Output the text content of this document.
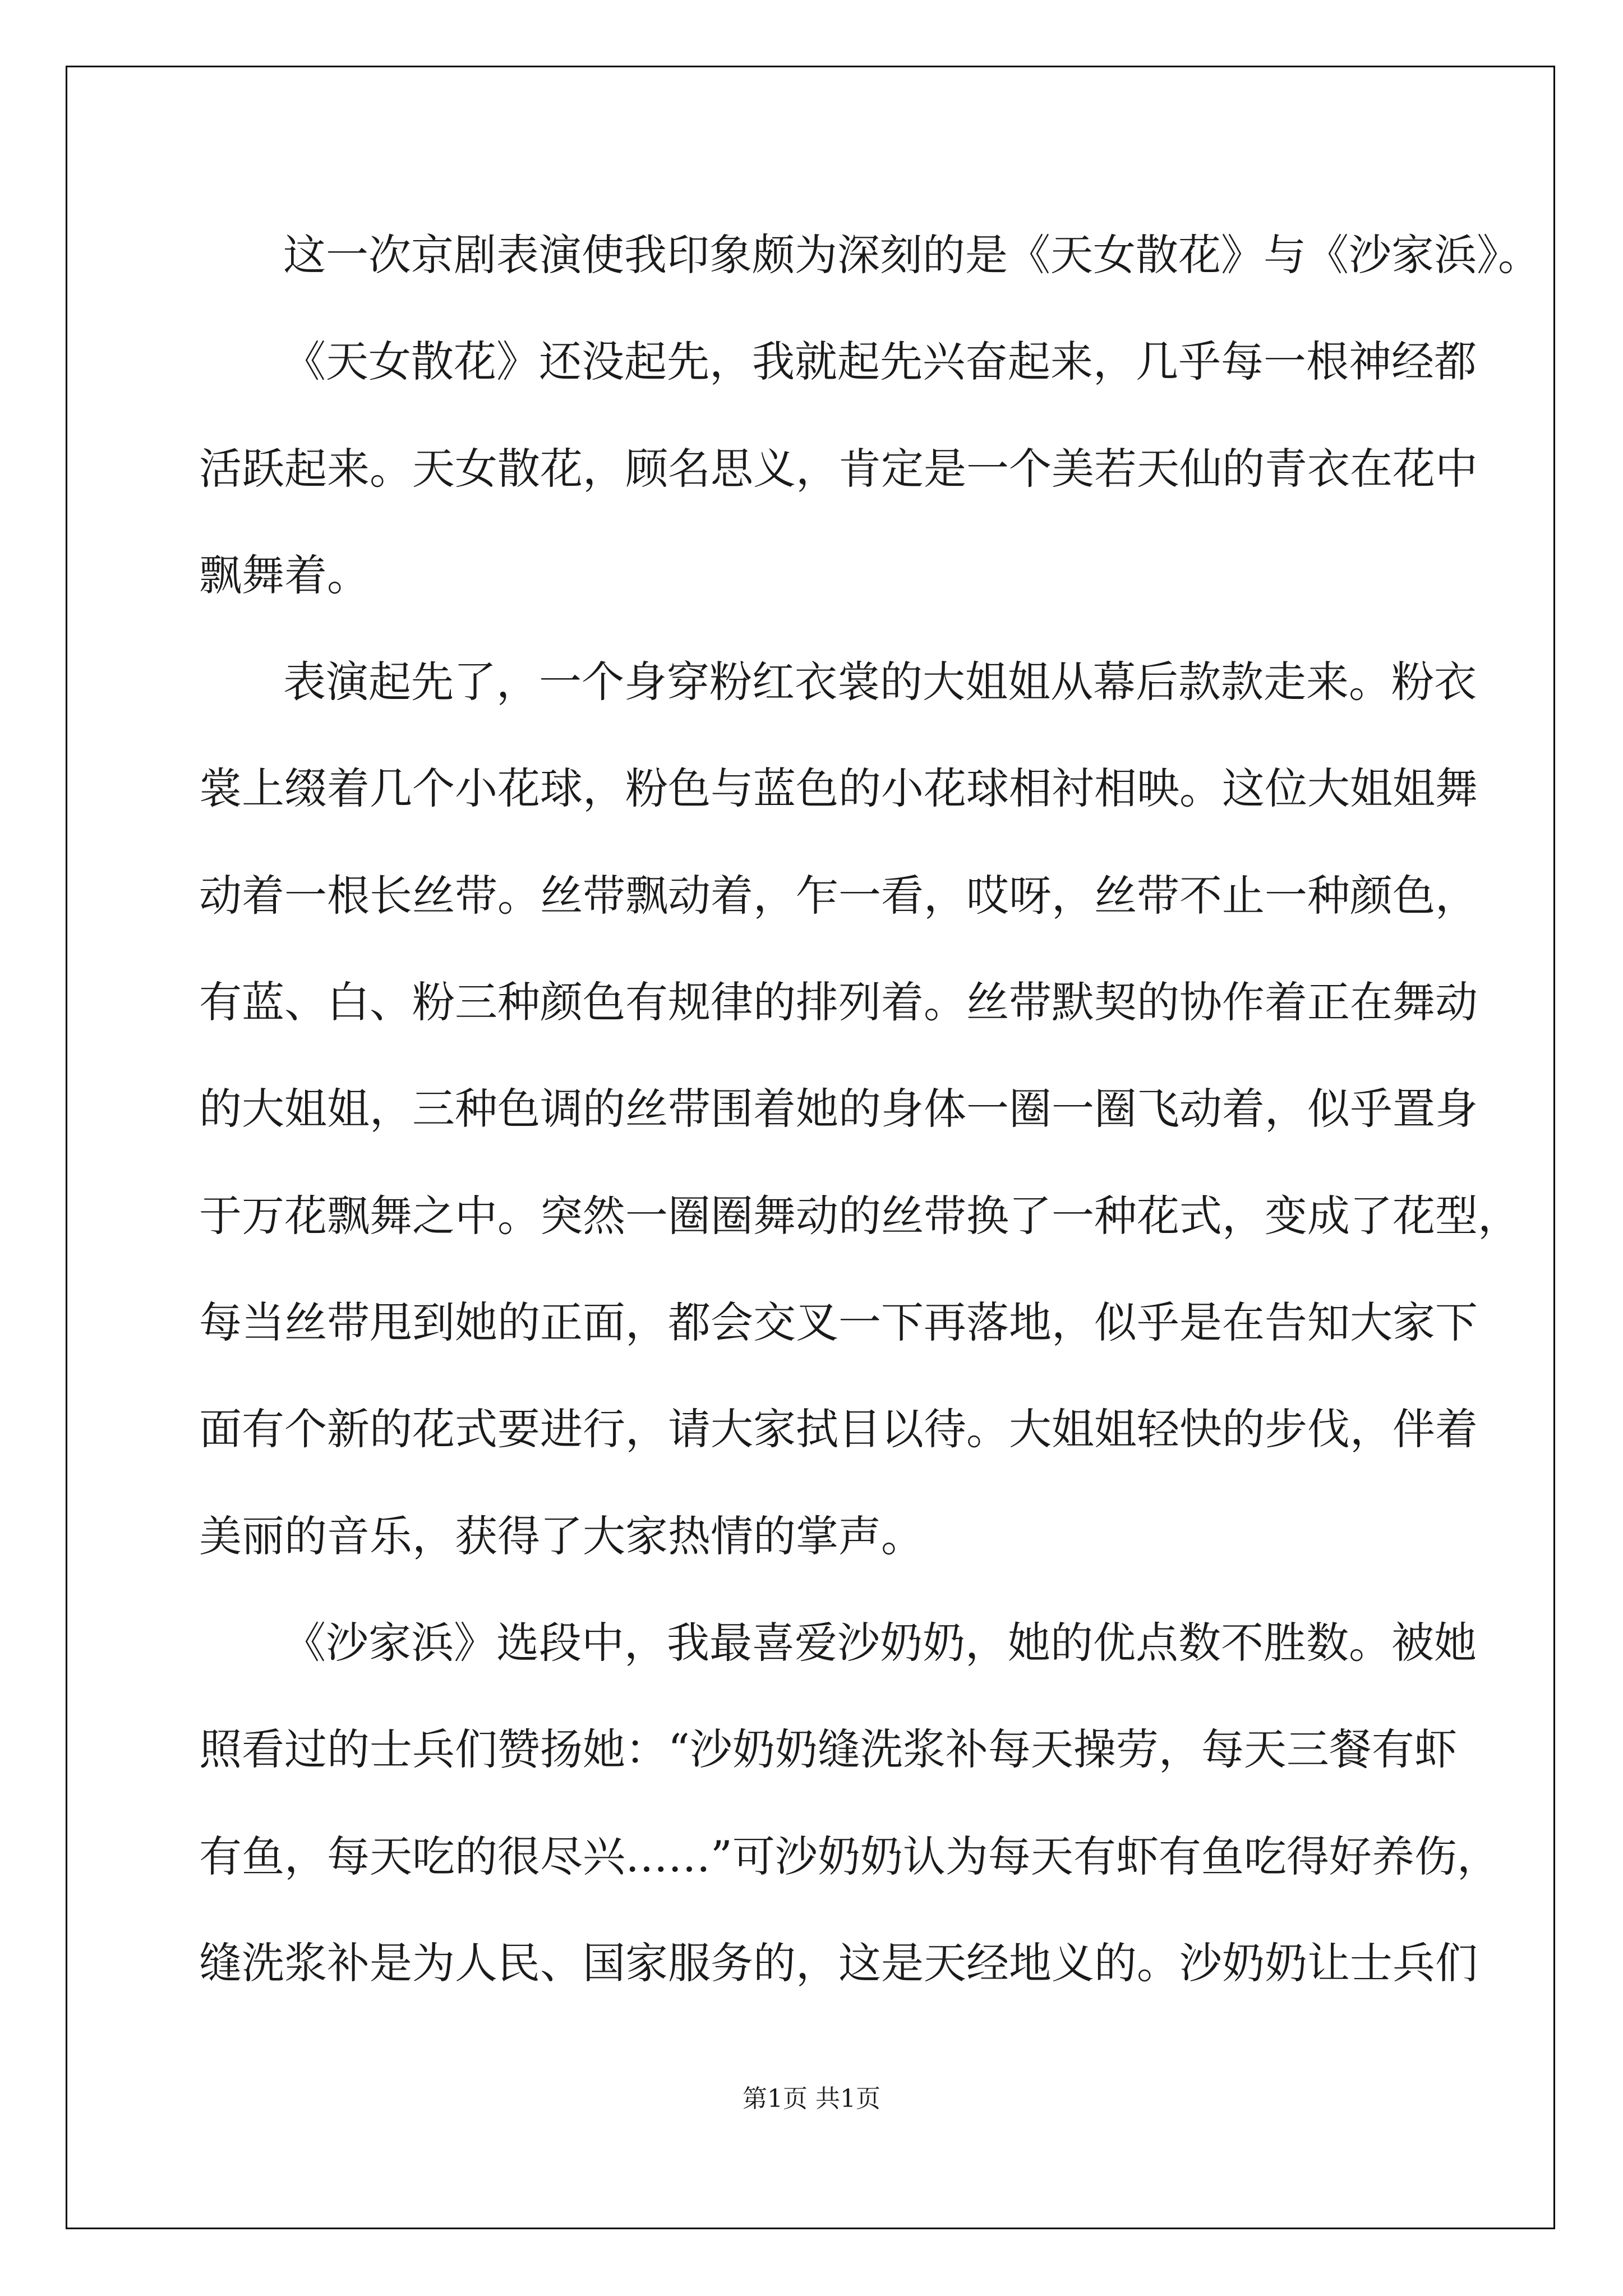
这一次京剧表演使我印象颇为深刻的是《天女散花》与《沙家浜》。

《天女散花》还没起先，我就起先兴奋起来，几乎每一根神经都

活跃起来。天女散花，顾名思义，肯定是一个美若天仙的青衣在花中

飘舞着。

表演起先了，一个身穿粉红衣裳的大姐姐从幕后款款走来。粉衣

裳上缀着几个小花球，粉色与蓝色的小花球相衬相映。这位大姐姐舞

动着一根长丝带。丝带飘动着，乍一看，哎呀，丝带不止一种颜色，

有蓝、白、粉三种颜色有规律的排列着。丝带默契的协作着正在舞动

的大姐姐，三种色调的丝带围着她的身体一圈一圈飞动着，似乎置身

于万花飘舞之中。突然一圈圈舞动的丝带换了一种花式，变成了花型，

每当丝带甩到她的正面，都会交叉一下再落地，似乎是在告知大家下

面有个新的花式要进行，请大家拭目以待。大姐姐轻快的步伐，伴着

美丽的音乐，获得了大家热情的掌声。

《沙家浜》选段中，我最喜爱沙奶奶，她的优点数不胜数。被她

照看过的士兵们赞扬她：“沙奶奶缝洗浆补每天操劳，每天三餐有虾

有鱼，每天吃的很尽兴……”可沙奶奶认为每天有虾有鱼吃得好养伤，

缝洗浆补是为人民、国家服务的，这是天经地义的。沙奶奶让士兵们

第1页 共1页
